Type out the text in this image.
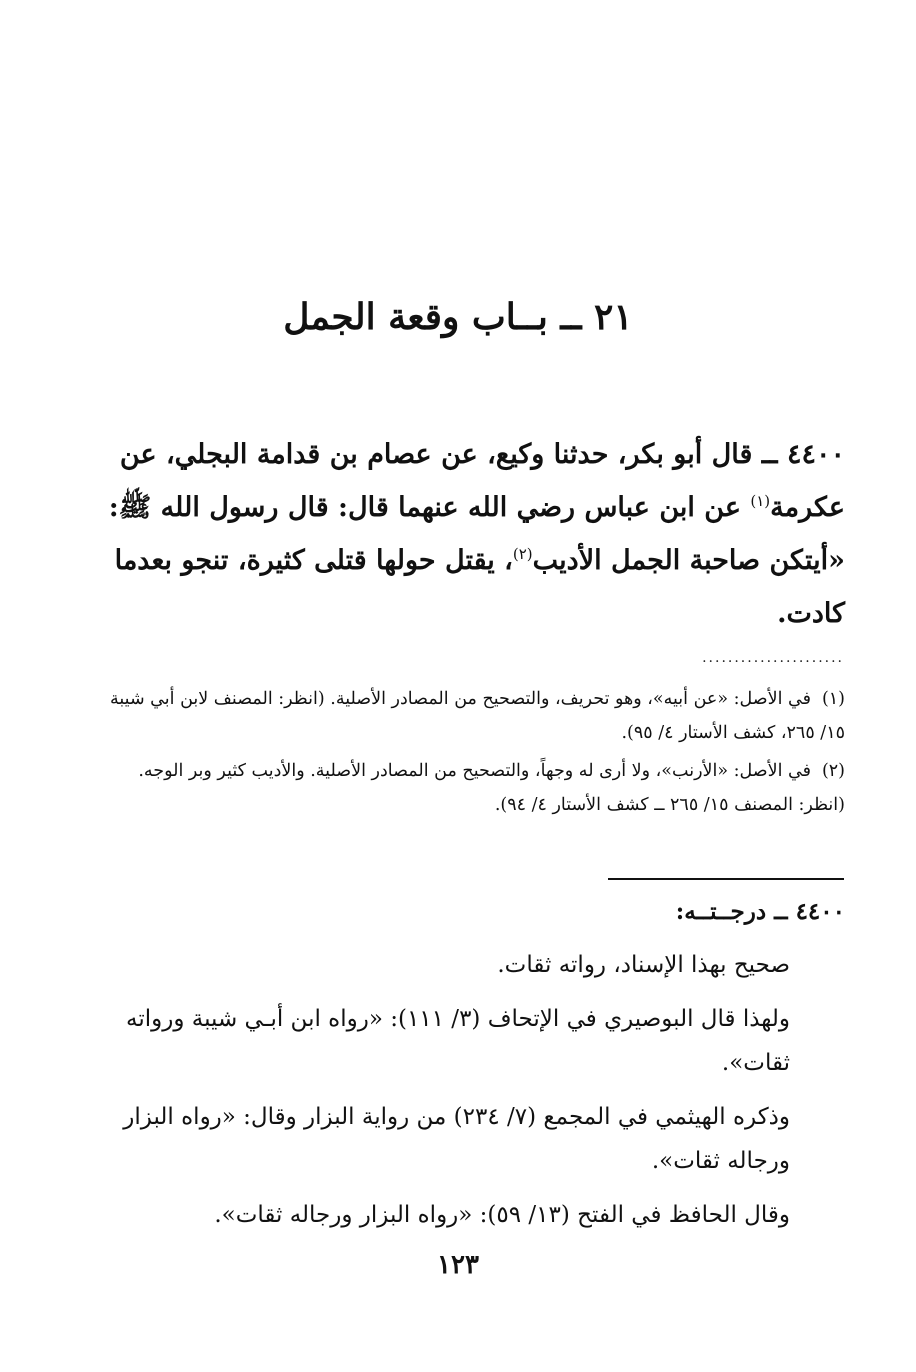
٢١ ــ بــاب وقعة الجمل

٤٤٠٠ ــ قال أبو بكر، حدثنا وكيع، عن عصام بن قدامة البجلي، عن عكرمة$^{(١)}$ عن ابن عباس رضي الله عنهما قال: قال رسول الله ﷺ: «أيتكن صاحبة الجمل الأديب$^{(٢)}$، يقتل حولها قتلى كثيرة، تنجو بعدما كادت.

......................

(١)في الأصل: «عن أبيه»، وهو تحريف، والتصحيح من المصادر الأصلية. (انظر: المصنف لابن أبي شيبة ١٥/ ٢٦٥، كشف الأستار ٤/ ٩٥).

(٢)في الأصل: «الأرنب»، ولا أرى له وجهاً، والتصحيح من المصادر الأصلية. والأديب كثير وبر الوجه. (انظر: المصنف ١٥/ ٢٦٥ ــ كشف الأستار ٤/ ٩٤).

٤٤٠٠ ــ درجــتــه:

صحيح بهذا الإسناد، رواته ثقات.

ولهذا قال البوصيري في الإتحاف (٣/ ١١١): «رواه ابن أبـي شيبة ورواته ثقات».

وذكره الهيثمي في المجمع (٧/ ٢٣٤) من رواية البزار وقال: «رواه البزار ورجاله ثقات».

وقال الحافظ في الفتح (١٣/ ٥٩): «رواه البزار ورجاله ثقات».

١٢٣
